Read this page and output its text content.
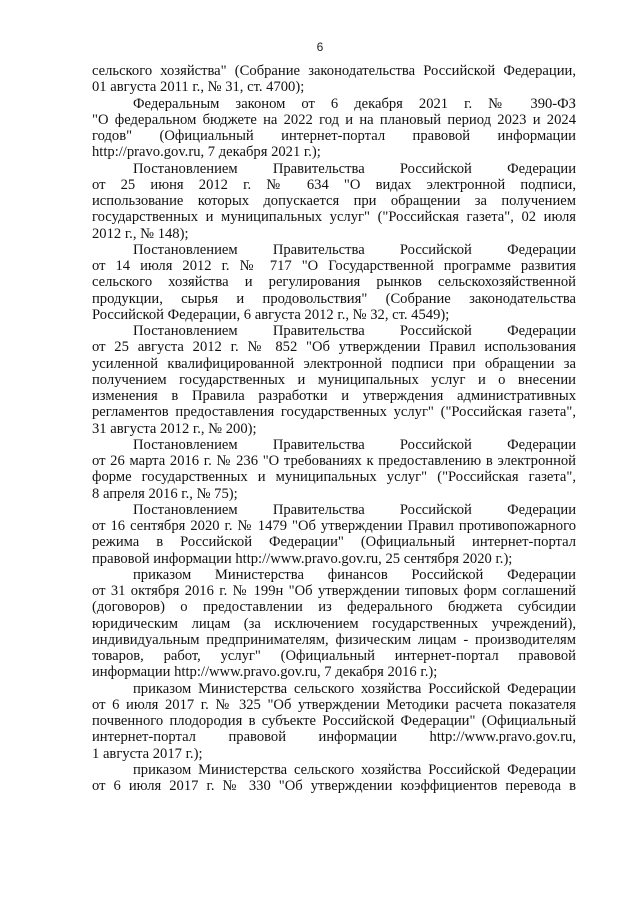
6
сельского хозяйства" (Собрание законодательства Российской Федерации,
01 августа 2011 г., № 31, ст. 4700);
Федеральным законом от 6 декабря 2021 г. № 390-ФЗ
"О федеральном бюджете на 2022 год и на плановый период 2023 и 2024
годов" (Официальный интернет-портал правовой информации
http://pravo.gov.ru, 7 декабря 2021 г.);
Постановлением Правительства Российской Федерации
от 25 июня 2012 г. № 634 "О видах электронной подписи,
использование которых допускается при обращении за получением
государственных и муниципальных услуг" ("Российская газета", 02 июля
2012 г., № 148);
Постановлением Правительства Российской Федерации
от 14 июля 2012 г. № 717 "О Государственной программе развития
сельского хозяйства и регулирования рынков сельскохозяйственной
продукции, сырья и продовольствия" (Собрание законодательства
Российской Федерации, 6 августа 2012 г., № 32, ст. 4549);
Постановлением Правительства Российской Федерации
от 25 августа 2012 г. № 852 "Об утверждении Правил использования
усиленной квалифицированной электронной подписи при обращении за
получением государственных и муниципальных услуг и о внесении
изменения в Правила разработки и утверждения административных
регламентов предоставления государственных услуг" ("Российская газета",
31 августа 2012 г., № 200);
Постановлением Правительства Российской Федерации
от 26 марта 2016 г. № 236 "О требованиях к предоставлению в электронной
форме государственных и муниципальных услуг" ("Российская газета",
8 апреля 2016 г., № 75);
Постановлением Правительства Российской Федерации
от 16 сентября 2020 г. № 1479 "Об утверждении Правил противопожарного
режима в Российской Федерации" (Официальный интернет-портал
правовой информации http://www.pravo.gov.ru, 25 сентября 2020 г.);
приказом Министерства финансов Российской Федерации
от 31 октября 2016 г. № 199н "Об утверждении типовых форм соглашений
(договоров) о предоставлении из федерального бюджета субсидии
юридическим лицам (за исключением государственных учреждений),
индивидуальным предпринимателям, физическим лицам - производителям
товаров, работ, услуг" (Официальный интернет-портал правовой
информации http://www.pravo.gov.ru, 7 декабря 2016 г.);
приказом Министерства сельского хозяйства Российской Федерации
от 6 июля 2017 г. № 325 "Об утверждении Методики расчета показателя
почвенного плодородия в субъекте Российской Федерации" (Официальный
интернет-портал правовой информации http://www.pravo.gov.ru,
1 августа 2017 г.);
приказом Министерства сельского хозяйства Российской Федерации
от 6 июля 2017 г. № 330 "Об утверждении коэффициентов перевода в
